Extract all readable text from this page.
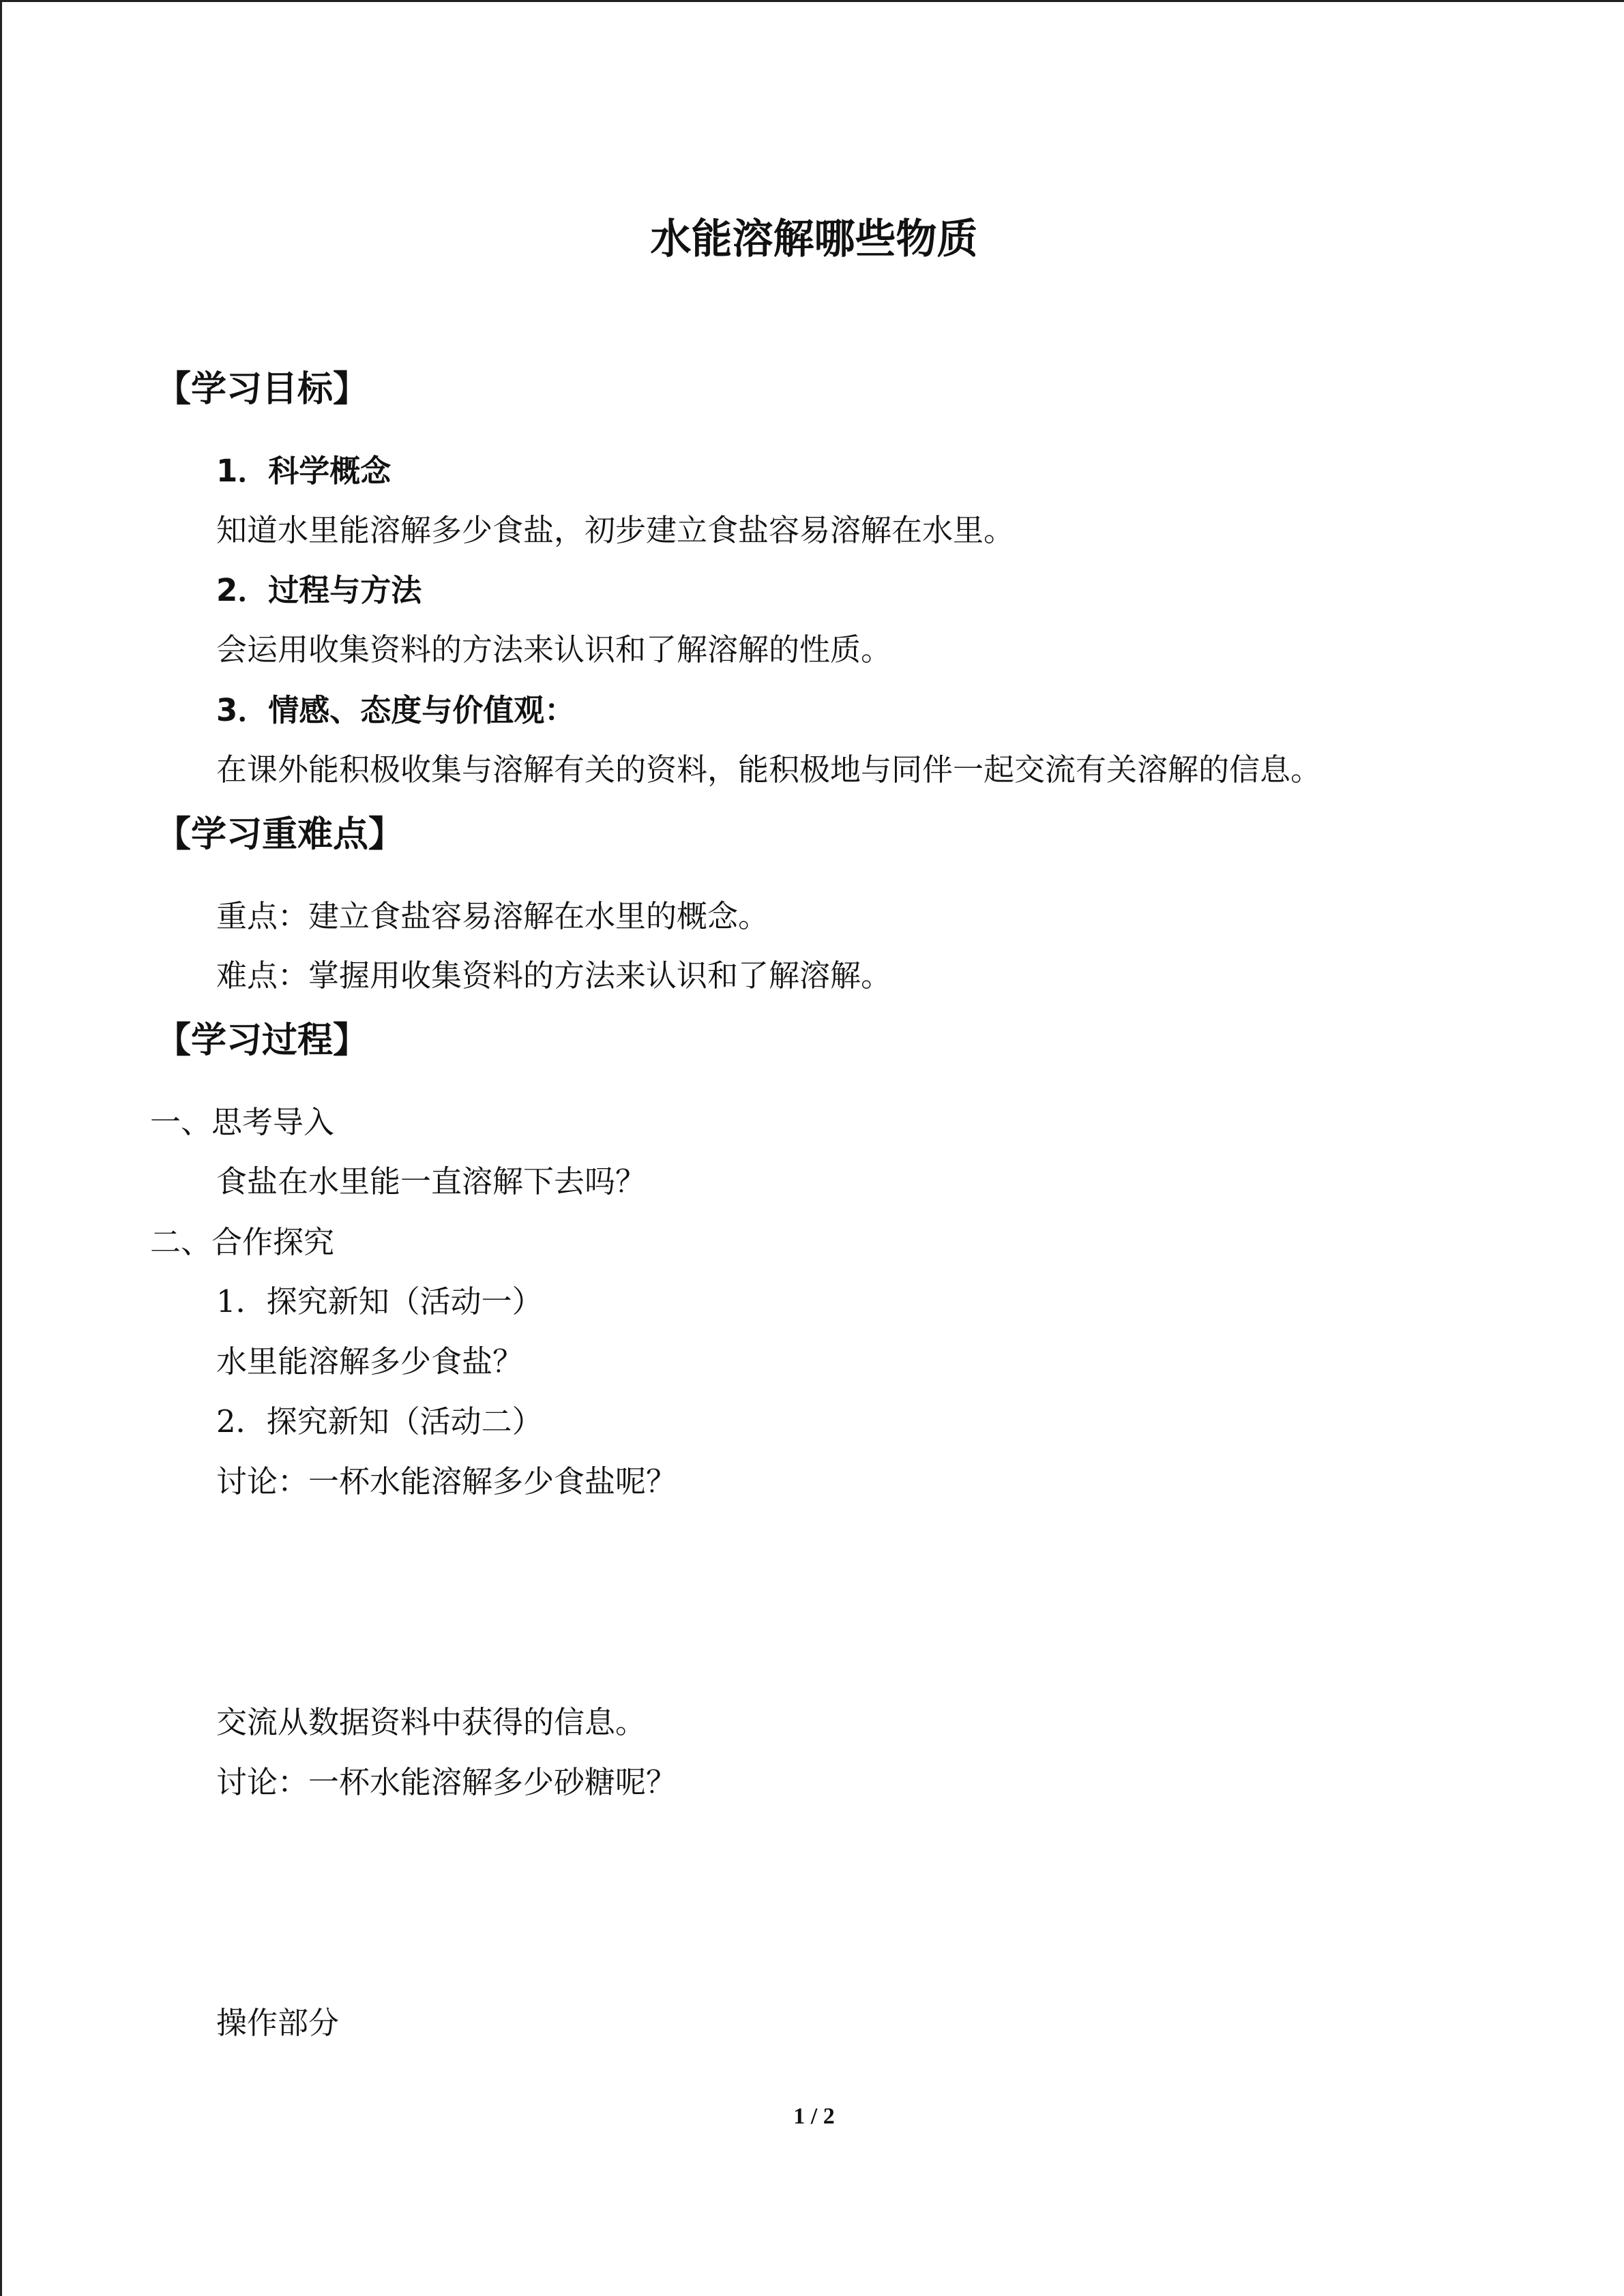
水能溶解哪些物质
【学习目标】
1．科学概念
知道水里能溶解多少食盐，初步建立食盐容易溶解在水里。
2．过程与方法
会运用收集资料的方法来认识和了解溶解的性质。
3．情感、态度与价值观：
在课外能积极收集与溶解有关的资料，能积极地与同伴一起交流有关溶解的信息。
【学习重难点】
重点：建立食盐容易溶解在水里的概念。
难点：掌握用收集资料的方法来认识和了解溶解。
【学习过程】
一、思考导入
食盐在水里能一直溶解下去吗？
二、合作探究
1．探究新知（活动一）
水里能溶解多少食盐？
2．探究新知（活动二）
讨论：一杯水能溶解多少食盐呢？
交流从数据资料中获得的信息。
讨论：一杯水能溶解多少砂糖呢？
操作部分
1 / 2
